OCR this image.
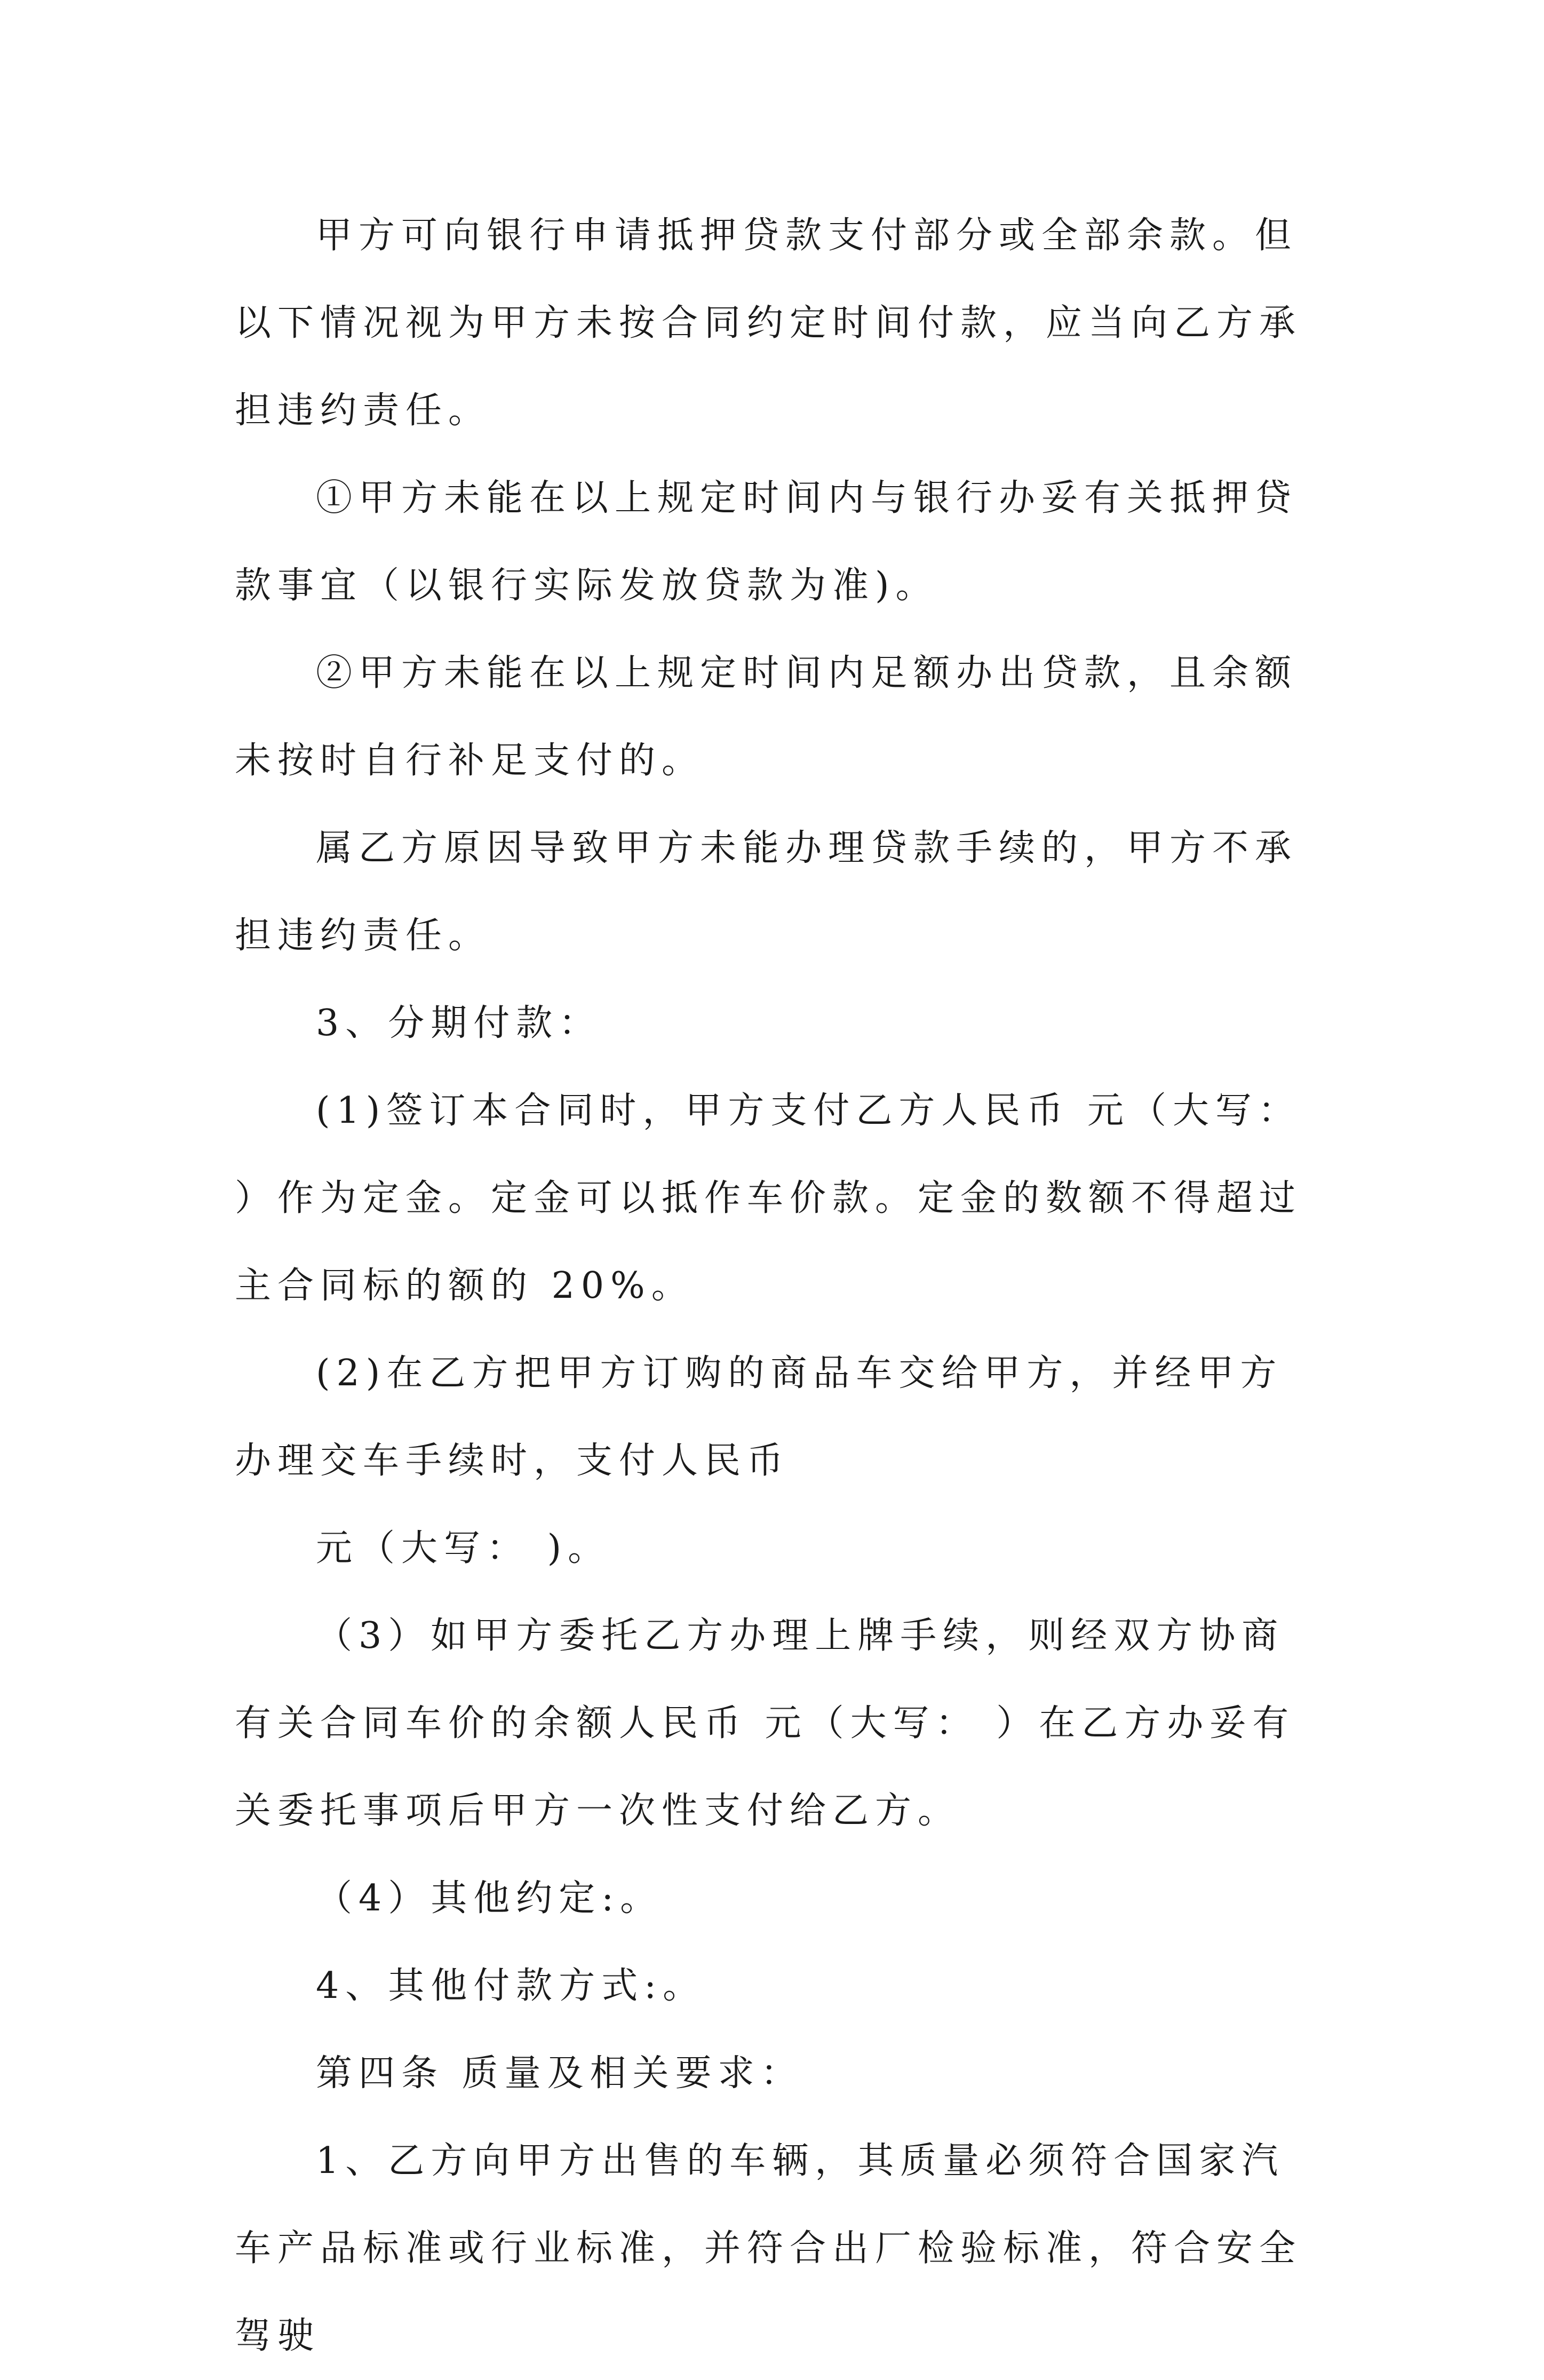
甲方可向银行申请抵押贷款支付部分或全部余款。但以下情况视为甲方未按合同约定时间付款，应当向乙方承担违约责任。

①甲方未能在以上规定时间内与银行办妥有关抵押贷款事宜（以银行实际发放贷款为准)。

②甲方未能在以上规定时间内足额办出贷款，且余额未按时自行补足支付的。

属乙方原因导致甲方未能办理贷款手续的，甲方不承担违约责任。

3、分期付款：

(1)签订本合同时，甲方支付乙方人民币 元（大写： ）作为定金。定金可以抵作车价款。定金的数额不得超过主合同标的额的 20%。

(2)在乙方把甲方订购的商品车交给甲方，并经甲方办理交车手续时，支付人民币

元（大写： )。

（3）如甲方委托乙方办理上牌手续，则经双方协商有关合同车价的余额人民币 元（大写： ）在乙方办妥有关委托事项后甲方一次性支付给乙方。

（4）其他约定:。

4、其他付款方式:。

第四条 质量及相关要求：

1、乙方向甲方出售的车辆，其质量必须符合国家汽车产品标准或行业标准，并符合出厂检验标准，符合安全驾驶
